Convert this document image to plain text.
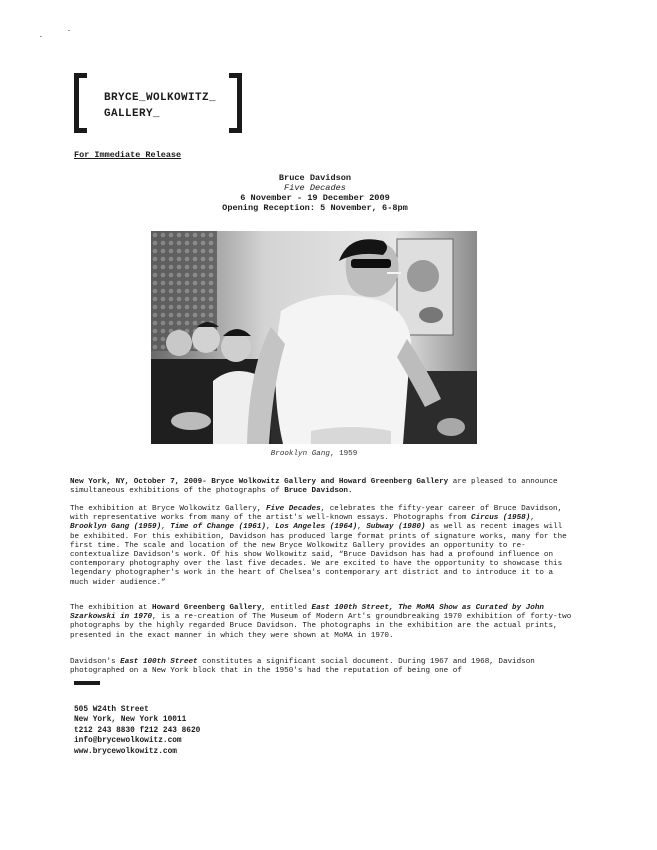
BRYCE_WOLKOWITZ_
GALLERY_
For Immediate Release
Bruce Davidson
Five Decades
6 November - 19 December 2009
Opening Reception: 5 November, 6-8pm
Brooklyn Gang, 1959
New York, NY, October 7, 2009- Bryce Wolkowitz Gallery and Howard Greenberg Gallery are pleased to announce simultaneous exhibitions of the photographs of Bruce Davidson.
The exhibition at Bryce Wolkowitz Gallery, Five Decades, celebrates the fifty-year career of Bruce Davidson, with representative works from many of the artist's well-known essays. Photographs from Circus (1958), Brooklyn Gang (1959), Time of Change (1961), Los Angeles (1964), Subway (1980) as well as recent images will be exhibited. For this exhibition, Davidson has produced large format prints of signature works, many for the first time. The scale and location of the new Bryce Wolkowitz Gallery provides an opportunity to re-contextualize Davidson's work. Of his show Wolkowitz said, “Bruce Davidson has had a profound influence on contemporary photography over the last five decades. We are excited to have the opportunity to showcase this legendary photographer's work in the heart of Chelsea's contemporary art district and to introduce it to a much wider audience.”
The exhibition at Howard Greenberg Gallery, entitled East 100th Street, The MoMA Show as Curated by John Szarkowski in 1970, is a re-creation of The Museum of Modern Art's groundbreaking 1970 exhibition of forty-two photographs by the highly regarded Bruce Davidson. The photographs in the exhibition are the actual prints, presented in the exact manner in which they were shown at MoMA in 1970.
Davidson's East 100th Street constitutes a significant social document. During 1967 and 1968, Davidson photographed on a New York block that in the 1950's had the reputation of being one of
505 W24th Street
New York, New York 10011
t212 243 8830 f212 243 8620
info@brycewolkowitz.com
www.brycewolkowitz.com
